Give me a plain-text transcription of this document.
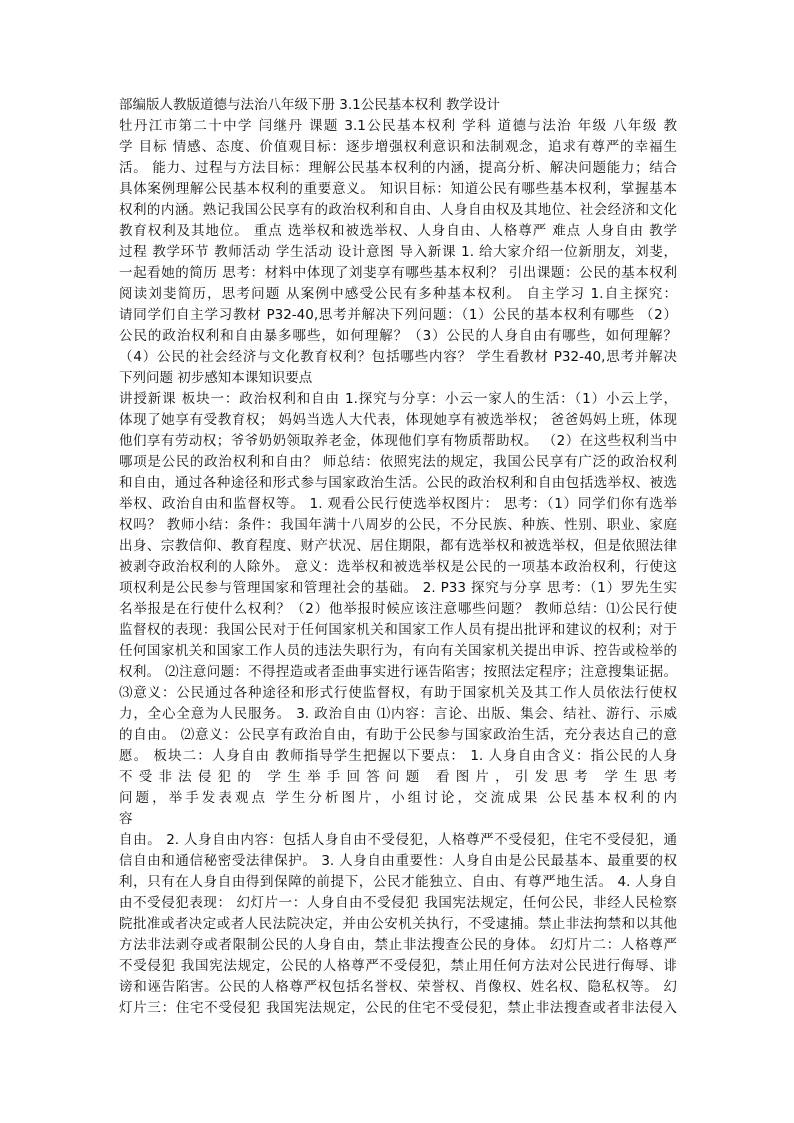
部编版人教版道德与法治八年级下册 3.1公民基本权利 教学设计
牡丹江市第二十中学 闫继丹 课题 3.1公民基本权利 学科 道德与法治 年级 八年级 教
学 目标 情感、态度、价值观目标：逐步增强权利意识和法制观念，追求有尊严的幸福生
活。 能力、过程与方法目标：理解公民基本权利的内涵，提高分析、解决问题能力；结合
具体案例理解公民基本权利的重要意义。 知识目标：知道公民有哪些基本权利，掌握基本
权利的内涵。熟记我国公民享有的政治权利和自由、人身自由权及其地位、社会经济和文化
教育权利及其地位。 重点 选举权和被选举权、人身自由、人格尊严 难点 人身自由 教学
过程 教学环节 教师活动 学生活动 设计意图 导入新课 1. 给大家介绍一位新朋友，刘斐，
一起看她的简历 思考：材料中体现了刘斐享有哪些基本权利？ 引出课题：公民的基本权利
阅读刘斐简历，思考问题 从案例中感受公民有多种基本权利。 自主学习 1.自主探究：
请同学们自主学习教材 P32-40,思考并解决下列问题：（1）公民的基本权利有哪些 （2）
公民的政治权利和自由暴多哪些，如何理解？（3）公民的人身自由有哪些，如何理解？
（4）公民的社会经济与文化教育权利？包括哪些内容？ 学生看教材 P32-40,思考并解决
下列问题 初步感知本课知识要点
讲授新课 板块一：政治权利和自由 1.探究与分享：小云一家人的生活：（1）小云上学，
体现了她享有受教育权； 妈妈当选人大代表，体现她享有被选举权； 爸爸妈妈上班，体现
他们享有劳动权；爷爷奶奶领取养老金，体现他们享有物质帮助权。 （2）在这些权利当中
哪项是公民的政治权利和自由？ 师总结：依照宪法的规定，我国公民享有广泛的政治权利
和自由，通过各种途径和形式参与国家政治生活。公民的政治权利和自由包括选举权、被选
举权、政治自由和监督权等。 1. 观看公民行使选举权图片： 思考：（1）同学们你有选举
权吗？ 教师小结：条件：我国年满十八周岁的公民，不分民族、种族、性别、职业、家庭
出身、宗教信仰、教育程度、财产状况、居住期限，都有选举权和被选举权，但是依照法律
被剥夺政治权利的人除外。 意义：选举权和被选举权是公民的一项基本政治权利，行使这
项权利是公民参与管理国家和管理社会的基础。 2. P33 探究与分享 思考：（1）罗先生实
名举报是在行使什么权利？（2）他举报时候应该注意哪些问题？ 教师总结：⑴公民行使
监督权的表现：我国公民对于任何国家机关和国家工作人员有提出批评和建议的权利；对于
任何国家机关和国家工作人员的违法失职行为，有向有关国家机关提出申诉、控告或检举的
权利。 ⑵注意问题：不得捏造或者歪曲事实进行诬告陷害；按照法定程序；注意搜集证据。
⑶意义：公民通过各种途径和形式行使监督权，有助于国家机关及其工作人员依法行使权
力，全心全意为人民服务。 3. 政治自由 ⑴内容：言论、出版、集会、结社、游行、示威
的自由。 ⑵意义：公民享有政治自由，有助于公民参与国家政治生活，充分表达自己的意
愿。 板块二：人身自由 教师指导学生把握以下要点： 1. 人身自由含义：指公民的人身
不受非法侵犯的 学生举手回答问题 看图片，引发思考 学生思考
问题，举手发表观点 学生分析图片，小组讨论，交流成果 公民基本权利的内
容
自由。 2. 人身自由内容：包括人身自由不受侵犯，人格尊严不受侵犯，住宅不受侵犯，通
信自由和通信秘密受法律保护。 3. 人身自由重要性：人身自由是公民最基本、最重要的权
利，只有在人身自由得到保障的前提下，公民才能独立、自由、有尊严地生活。 4. 人身自
由不受侵犯表现： 幻灯片一：人身自由不受侵犯 我国宪法规定，任何公民，非经人民检察
院批准或者决定或者人民法院决定，并由公安机关执行，不受逮捕。禁止非法拘禁和以其他
方法非法剥夺或者限制公民的人身自由，禁止非法搜查公民的身体。 幻灯片二：人格尊严
不受侵犯 我国宪法规定，公民的人格尊严不受侵犯，禁止用任何方法对公民进行侮辱、诽
谤和诬告陷害。公民的人格尊严权包括名誉权、荣誉权、肖像权、姓名权、隐私权等。 幻
灯片三：住宅不受侵犯 我国宪法规定，公民的住宅不受侵犯，禁止非法搜查或者非法侵入
